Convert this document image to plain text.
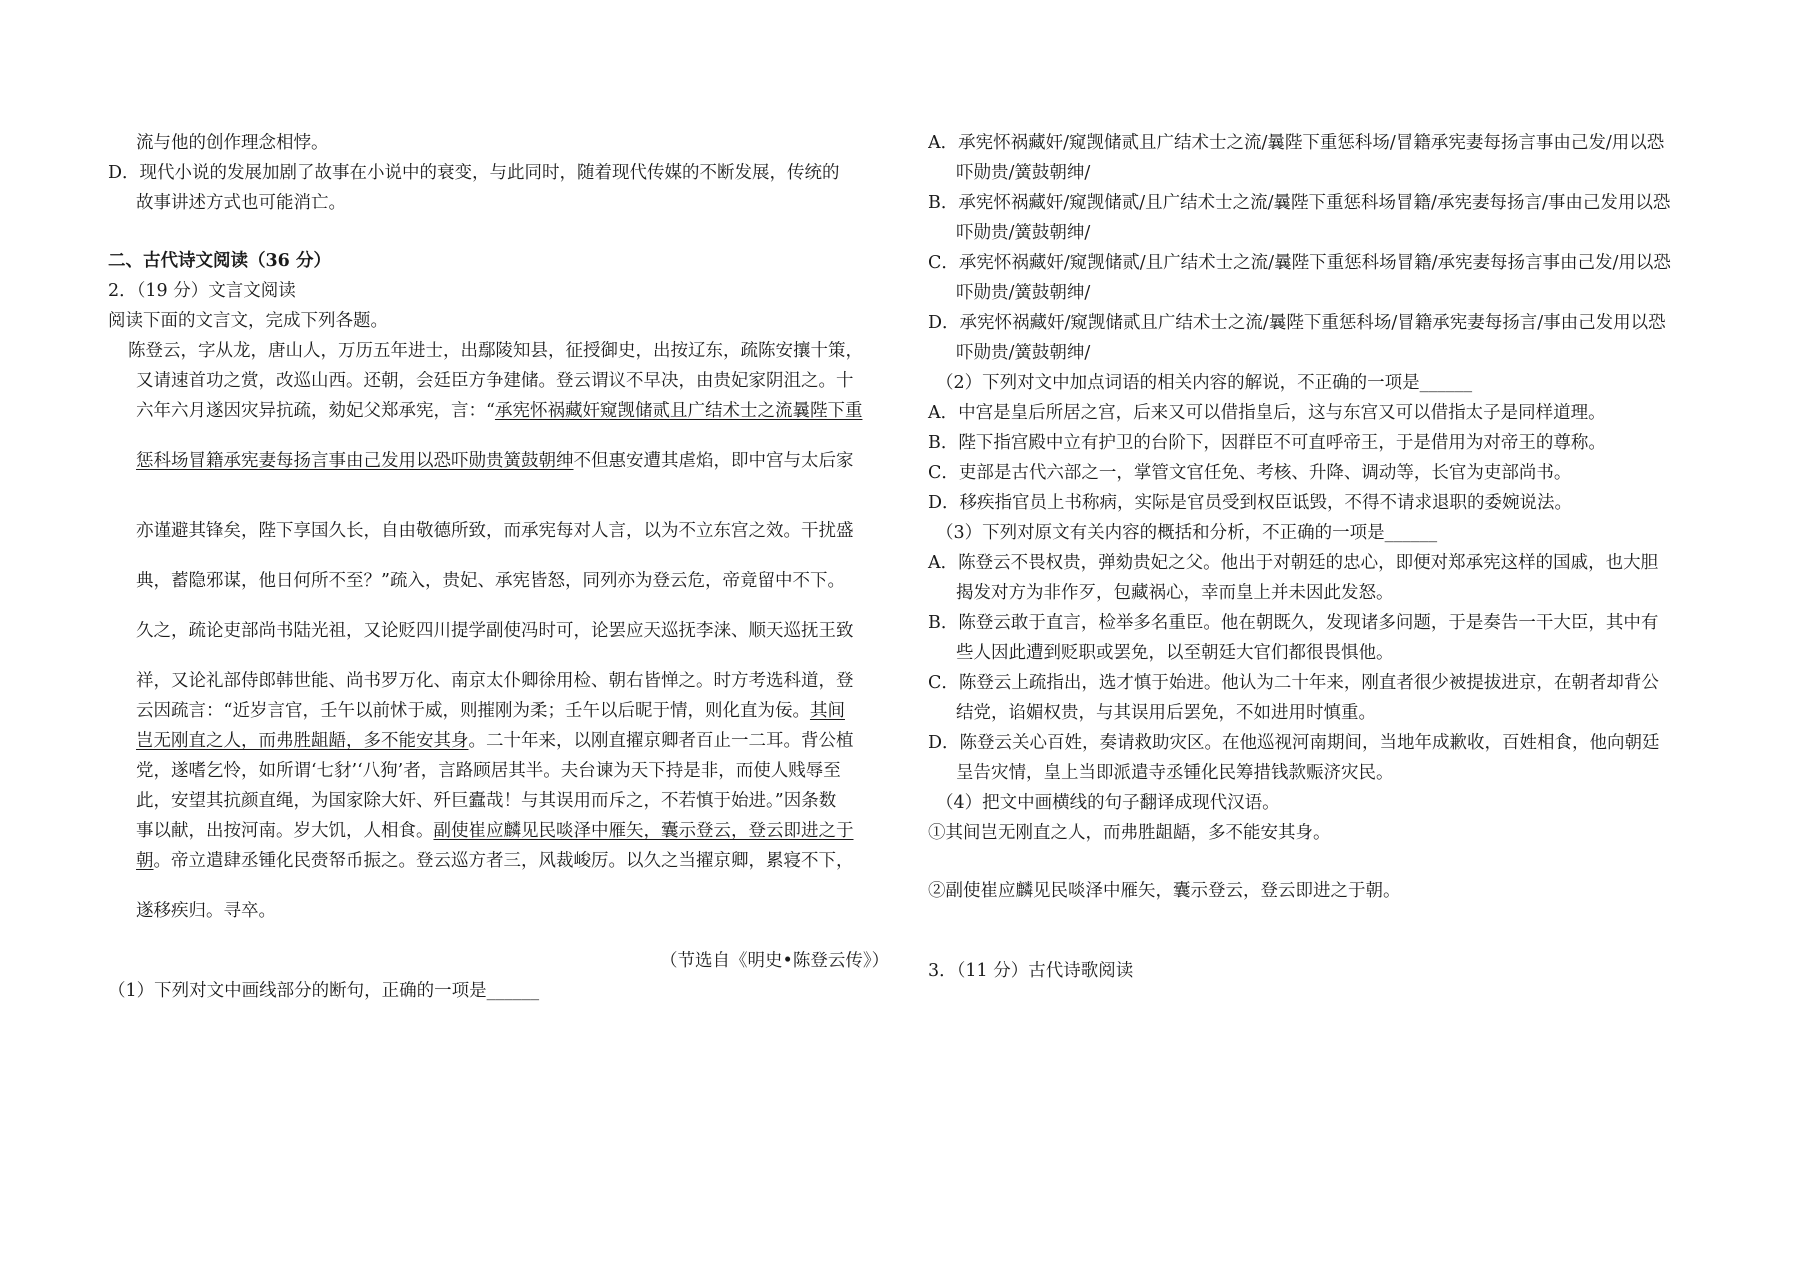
流与他的创作理念相悖。
D．现代小说的发展加剧了故事在小说中的衰变，与此同时，随着现代传媒的不断发展，传统的
故事讲述方式也可能消亡。
二、古代诗文阅读（36 分）
2．（19 分）文言文阅读
阅读下面的文言文，完成下列各题。
陈登云，字从龙，唐山人，万历五年进士，出鄢陵知县，征授御史，出按辽东，疏陈安攘十策，
又请速首功之赏，改巡山西。还朝，会廷臣方争建储。登云谓议不早决，由贵妃家阴沮之。十
六年六月遂因灾异抗疏，劾妃父郑承宪，言：“承宪怀祸藏奸窥觊储贰且广结术士之流曩陛下重
惩科场冒籍承宪妻每扬言事由己发用以恐吓勋贵簧鼓朝绅不但惠安遭其虐焰，即中宫与太后家
亦谨避其锋矣，陛下享国久长，自由敬德所致，而承宪每对人言，以为不立东宫之效。干扰盛
典，蓄隐邪谋，他日何所不至？”疏入，贵妃、承宪皆怒，同列亦为登云危，帝竟留中不下。
久之，疏论吏部尚书陆光祖，又论贬四川提学副使冯时可，论罢应天巡抚李涞、顺天巡抚王致
祥，又论礼部侍郎韩世能、尚书罗万化、南京太仆卿徐用检、朝右皆惮之。时方考选科道，登
云因疏言：“近岁言官，壬午以前怵于威，则摧刚为柔；壬午以后昵于情，则化直为佞。其间
岂无刚直之人，而弗胜龃龉，多不能安其身。二十年来，以刚直擢京卿者百止一二耳。背公植
党，遂嗜乞怜，如所谓‘七豺’‘八狗’者，言路顾居其半。夫台谏为天下持是非，而使人贱辱至
此，安望其抗颜直绳，为国家除大奸、歼巨蠹哉！与其误用而斥之，不若慎于始进。”因条数
事以献，出按河南。岁大饥，人相食。副使崔应麟见民啖泽中雁矢，囊示登云，登云即进之于
朝。帝立遣肆丞锺化民赍帑币振之。登云巡方者三，风裁峻厉。以久之当擢京卿，累寝不下，
遂移疾归。寻卒。
（节选自《明史•陈登云传》）
（1）下列对文中画线部分的断句，正确的一项是______
A．承宪怀祸藏奸/窥觊储贰且广结术士之流/曩陛下重惩科场/冒籍承宪妻每扬言事由己发/用以恐
吓勋贵/簧鼓朝绅/
B．承宪怀祸藏奸/窥觊储贰/且广结术士之流/曩陛下重惩科场冒籍/承宪妻每扬言/事由己发用以恐
吓勋贵/簧鼓朝绅/
C．承宪怀祸藏奸/窥觊储贰/且广结术士之流/曩陛下重惩科场冒籍/承宪妻每扬言事由己发/用以恐
吓勋贵/簧鼓朝绅/
D．承宪怀祸藏奸/窥觊储贰且广结术士之流/曩陛下重惩科场/冒籍承宪妻每扬言/事由己发用以恐
吓勋贵/簧鼓朝绅/
（2）下列对文中加点词语的相关内容的解说，不正确的一项是______
A．中宫是皇后所居之宫，后来又可以借指皇后，这与东宫又可以借指太子是同样道理。
B．陛下指宫殿中立有护卫的台阶下，因群臣不可直呼帝王，于是借用为对帝王的尊称。
C．吏部是古代六部之一，掌管文官任免、考核、升降、调动等，长官为吏部尚书。
D．移疾指官员上书称病，实际是官员受到权臣诋毁，不得不请求退职的委婉说法。
（3）下列对原文有关内容的概括和分析，不正确的一项是______
A．陈登云不畏权贵，弹劾贵妃之父。他出于对朝廷的忠心，即便对郑承宪这样的国戚，也大胆
揭发对方为非作歹，包藏祸心，幸而皇上并未因此发怒。
B．陈登云敢于直言，检举多名重臣。他在朝既久，发现诸多问题，于是奏告一干大臣，其中有
些人因此遭到贬职或罢免，以至朝廷大官们都很畏惧他。
C．陈登云上疏指出，选才慎于始进。他认为二十年来，刚直者很少被提拔进京，在朝者却背公
结党，谄媚权贵，与其误用后罢免，不如进用时慎重。
D．陈登云关心百姓，奏请救助灾区。在他巡视河南期间，当地年成歉收，百姓相食，他向朝廷
呈告灾情，皇上当即派遣寺丞锺化民筹措钱款赈济灾民。
（4）把文中画横线的句子翻译成现代汉语。
①其间岂无刚直之人，而弗胜龃龉，多不能安其身。
②副使崔应麟见民啖泽中雁矢，囊示登云，登云即进之于朝。
3．（11 分）古代诗歌阅读
